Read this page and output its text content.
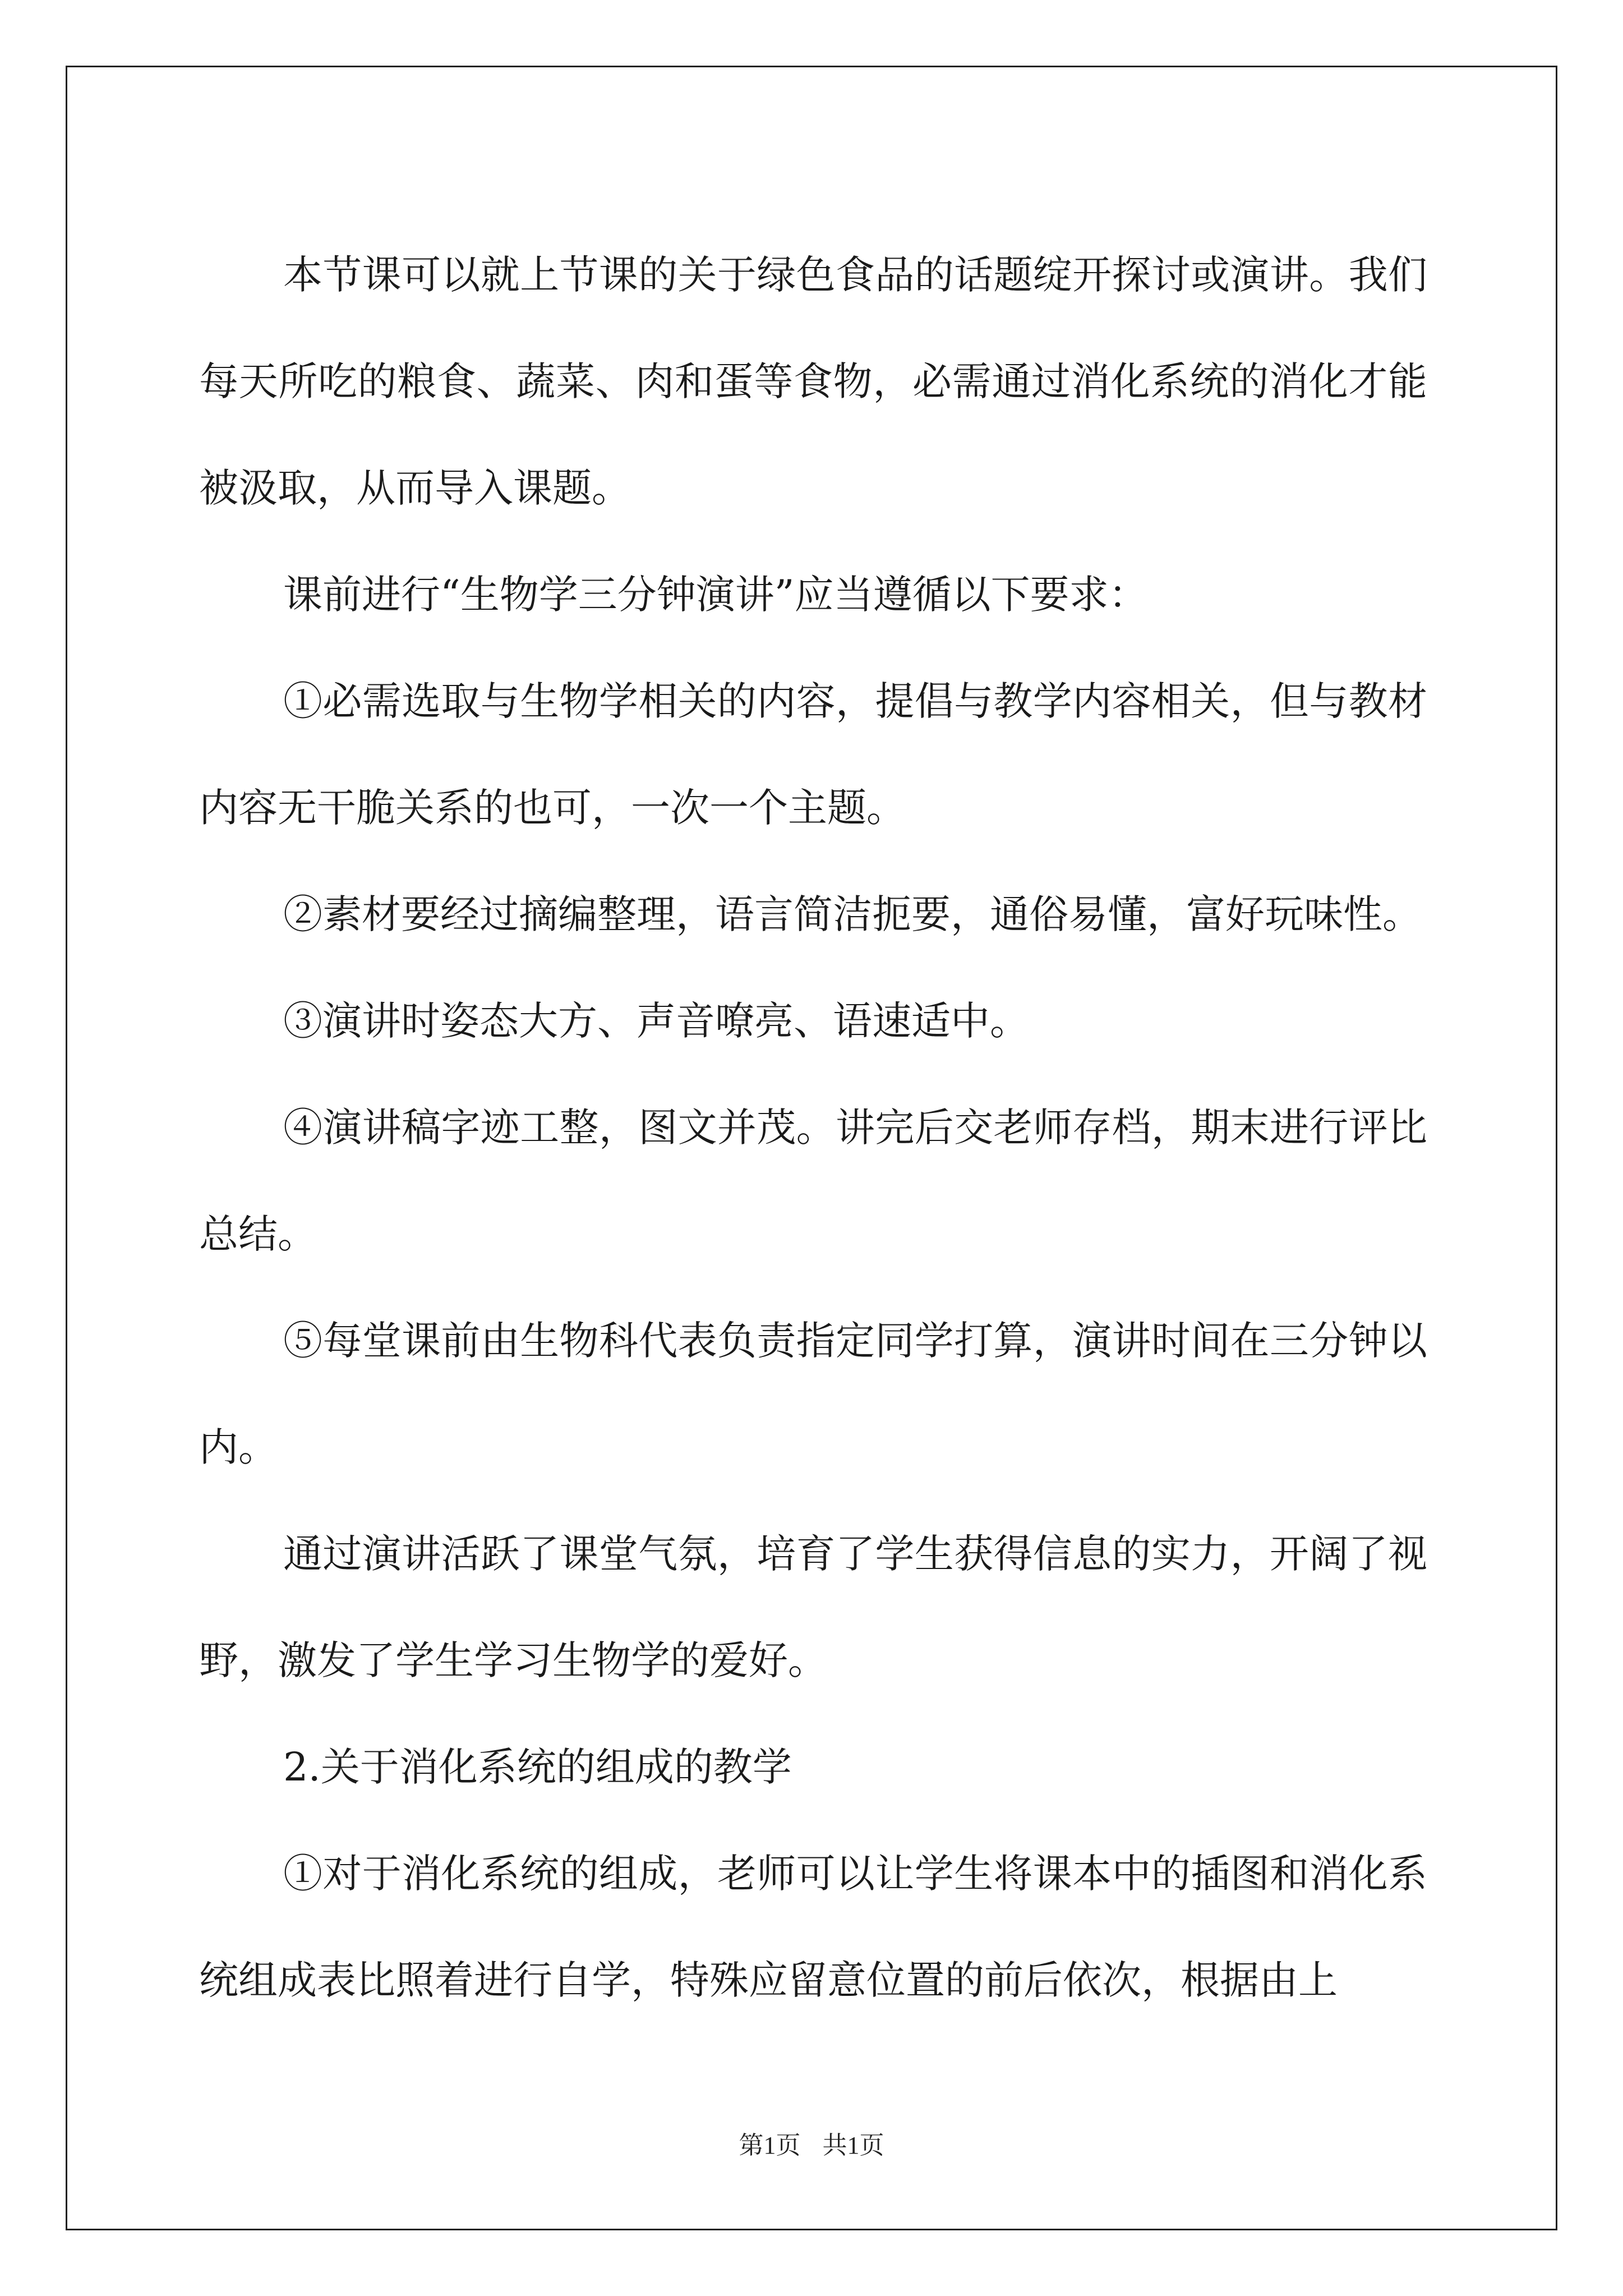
本节课可以就上节课的关于绿色食品的话题绽开探讨或演讲。我们每天所吃的粮食、蔬菜、肉和蛋等食物，必需通过消化系统的消化才能被汲取，从而导入课题。

课前进行“生物学三分钟演讲”应当遵循以下要求：

①必需选取与生物学相关的内容，提倡与教学内容相关，但与教材内容无干脆关系的也可，一次一个主题。

②素材要经过摘编整理，语言简洁扼要，通俗易懂，富好玩味性。

③演讲时姿态大方、声音嘹亮、语速适中。

④演讲稿字迹工整，图文并茂。讲完后交老师存档，期末进行评比总结。

⑤每堂课前由生物科代表负责指定同学打算，演讲时间在三分钟以内。

通过演讲活跃了课堂气氛，培育了学生获得信息的实力，开阔了视野，激发了学生学习生物学的爱好。

2.关于消化系统的组成的教学

①对于消化系统的组成，老师可以让学生将课本中的插图和消化系统组成表比照着进行自学，特殊应留意位置的前后依次，根据由上

第1页 共1页
